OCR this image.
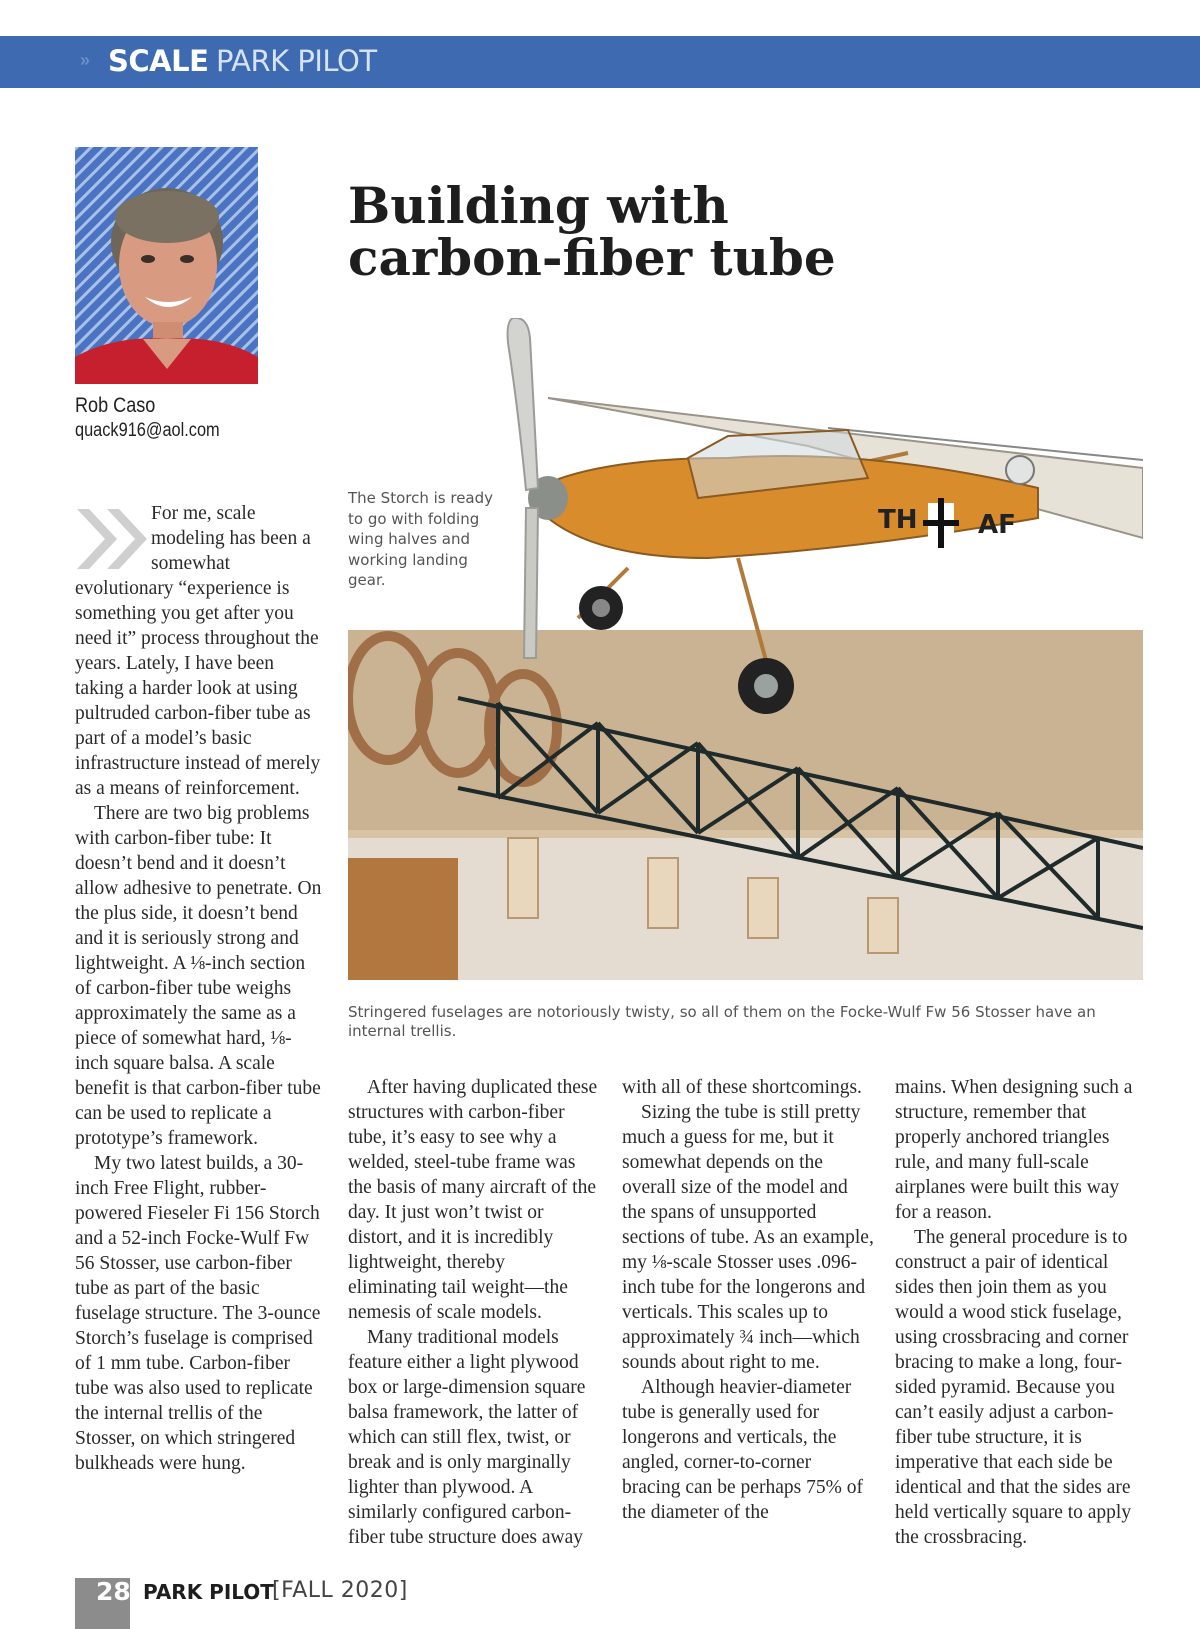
» SCALE PARK PILOT
Rob Caso
quack916@aol.com
Building with
carbon-fiber tube
TH AF
The Storch is ready to go with folding wing halves and working landing gear.
Stringered fuselages are notoriously twisty, so all of them on the Focke-Wulf Fw 56 Stosser have an internal trellis.

For me, scale modeling has been a somewhat evolutionary “experience is something you get after you need it” process throughout the years. Lately, I have been taking a harder look at using pultruded carbon-fiber tube as part of a model’s basic infrastructure instead of merely as a means of reinforcement.

There are two big problems with carbon-fiber tube: It doesn’t bend and it doesn’t allow adhesive to penetrate. On the plus side, it doesn’t bend and it is seriously strong and lightweight. A ⅛-inch section of carbon-fiber tube weighs approximately the same as a piece of somewhat hard, ⅛-inch square balsa. A scale benefit is that carbon-fiber tube can be used to replicate a prototype’s framework.

My two latest builds, a 30-inch Free Flight, rubber-powered Fieseler Fi 156 Storch and a 52-inch Focke-Wulf Fw 56 Stosser, use carbon-fiber tube as part of the basic fuselage structure. The 3-ounce Storch’s fuselage is comprised of 1 mm tube. Carbon-fiber tube was also used to replicate the internal trellis of the Stosser, on which stringered bulkheads were hung.

After having duplicated these structures with carbon-fiber tube, it’s easy to see why a welded, steel-tube frame was the basis of many aircraft of the day. It just won’t twist or distort, and it is incredibly lightweight, thereby eliminating tail weight—the nemesis of scale models.

Many traditional models feature either a light plywood box or large-dimension square balsa framework, the latter of which can still flex, twist, or break and is only marginally lighter than plywood. A similarly configured carbon-fiber tube structure does away

with all of these shortcomings.

Sizing the tube is still pretty much a guess for me, but it somewhat depends on the overall size of the model and the spans of unsupported sections of tube. As an example, my ⅛-scale Stosser uses .096-inch tube for the longerons and verticals. This scales up to approximately ¾ inch—which sounds about right to me.

Although heavier-diameter tube is generally used for longerons and verticals, the angled, corner-to-corner bracing can be perhaps 75% of the diameter of the

mains. When designing such a structure, remember that properly anchored triangles rule, and many full-scale airplanes were built this way for a reason.

The general procedure is to construct a pair of identical sides then join them as you would a wood stick fuselage, using crossbracing and corner bracing to make a long, four-sided pyramid. Because you can’t easily adjust a carbon-fiber tube structure, it is imperative that each side be identical and that the sides are held vertically square to apply the crossbracing.

28 PARK PILOT
[FALL 2020]
